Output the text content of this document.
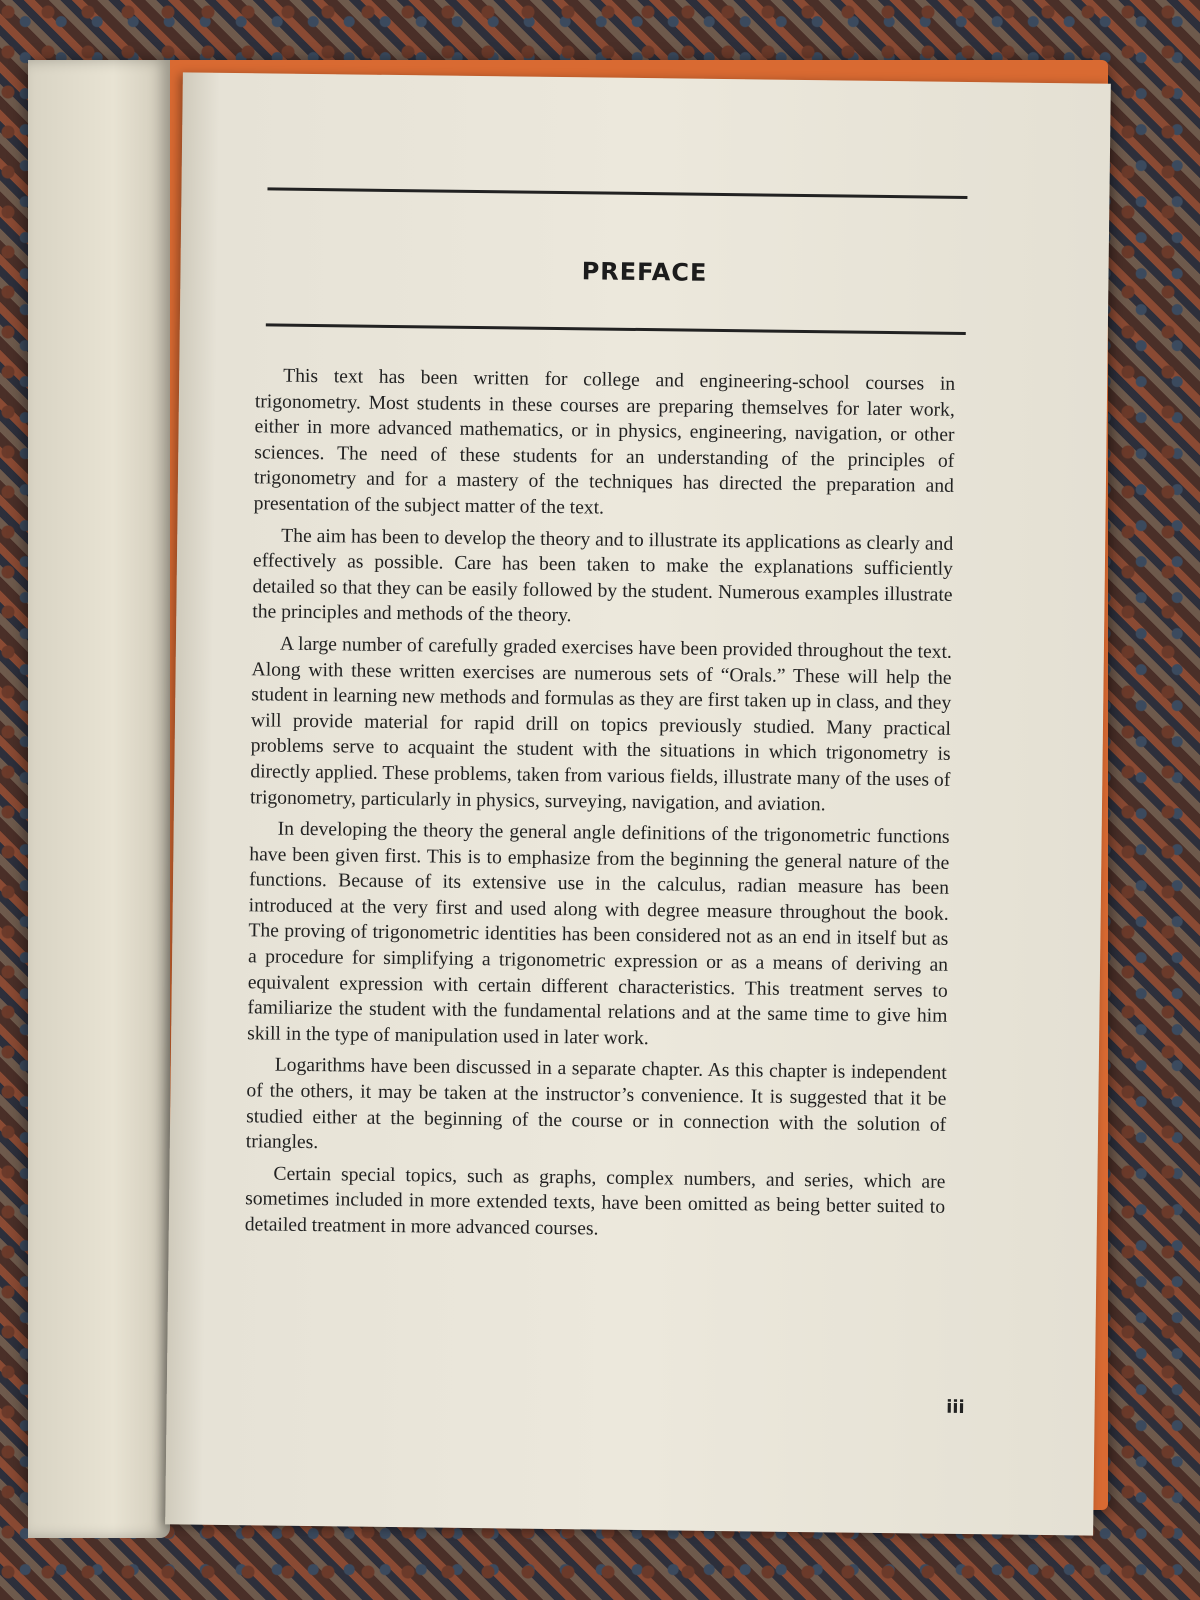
PREFACE

This text has been written for college and engineering-school courses in trigonometry. Most students in these courses are preparing themselves for later work, either in more advanced mathematics, or in physics, engineering, navigation, or other sciences. The need of these students for an understanding of the principles of trigonometry and for a mastery of the techniques has directed the preparation and presentation of the subject matter of the text.

The aim has been to develop the theory and to illustrate its applications as clearly and effectively as possible. Care has been taken to make the explanations sufficiently detailed so that they can be easily followed by the student. Numerous examples illustrate the principles and methods of the theory.

A large number of carefully graded exercises have been provided throughout the text. Along with these written exercises are numerous sets of “Orals.” These will help the student in learning new methods and formulas as they are first taken up in class, and they will provide material for rapid drill on topics previously studied. Many practical problems serve to acquaint the student with the situations in which trigonometry is directly applied. These problems, taken from various fields, illustrate many of the uses of trigonometry, particularly in physics, surveying, navigation, and aviation.

In developing the theory the general angle definitions of the trigonometric functions have been given first. This is to emphasize from the beginning the general nature of the functions. Because of its extensive use in the calculus, radian measure has been introduced at the very first and used along with degree measure throughout the book. The proving of trigonometric identities has been considered not as an end in itself but as a procedure for simplifying a trigonometric expression or as a means of deriving an equivalent expression with certain different characteristics. This treatment serves to familiarize the student with the fundamental relations and at the same time to give him skill in the type of manipulation used in later work.

Logarithms have been discussed in a separate chapter. As this chapter is independent of the others, it may be taken at the instructor’s convenience. It is suggested that it be studied either at the beginning of the course or in connection with the solution of triangles.

Certain special topics, such as graphs, complex numbers, and series, which are sometimes included in more extended texts, have been omitted as being better suited to detailed treatment in more advanced courses.

iii
